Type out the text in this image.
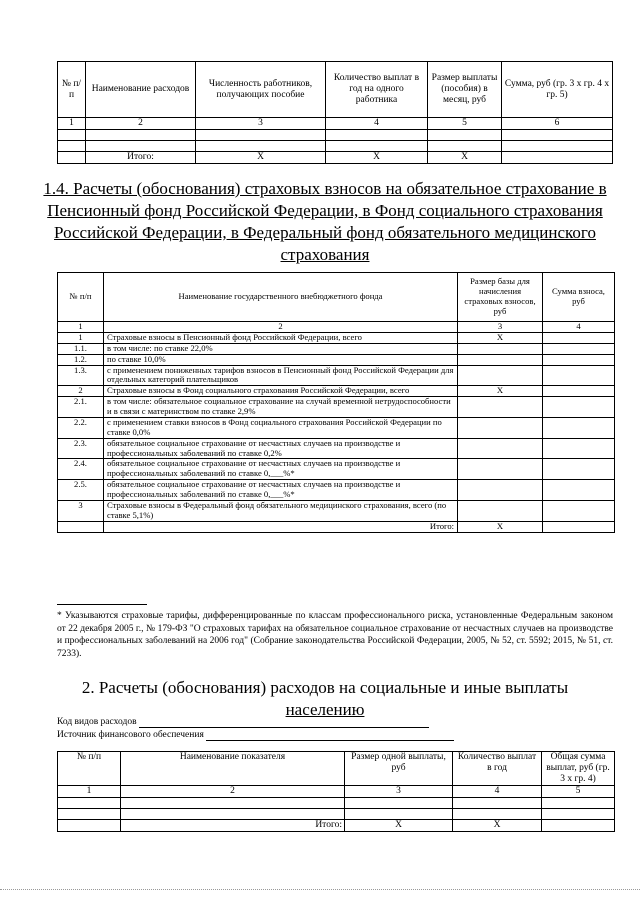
№ п/п	Наименование расходов	Численность работников, получающих пособие	Количество выплат в год на одного работника	Размер выплаты (пособия) в месяц, руб	Сумма, руб (гр. 3 х гр. 4 х гр. 5)
1	2	3	4	5	6

	Итого:	X	X	X	
1.4. Расчеты (обоснования) страховых взносов на обязательное страхование в Пенсионный фонд Российской Федерации, в Фонд социального страхования Российской Федерации, в Федеральный фонд обязательного медицинского страхования
№ п/п	Наименование государственного внебюджетного фонда	Размер базы для начисления страховых взносов, руб	Сумма взноса, руб
1	2	3	4
1	Страховые взносы в Пенсионный фонд Российской Федерации, всего	X	
1.1.	в том числе: по ставке 22,0%		
1.2.	по ставке 10,0%		
1.3.	с применением пониженных тарифов взносов в Пенсионный фонд Российской Федерации для отдельных категорий плательщиков		
2	Страховые взносы в Фонд социального страхования Российской Федерации, всего	X	
2.1.	в том числе: обязательное социальное страхование на случай временной нетрудоспособности и в связи с материнством по ставке 2,9%		
2.2.	с применением ставки взносов в Фонд социального страхования Российской Федерации по ставке 0,0%		
2.3.	обязательное социальное страхование от несчастных случаев на производстве и профессиональных заболеваний по ставке 0,2%		
2.4.	обязательное социальное страхование от несчастных случаев на производстве и профессиональных заболеваний по ставке 0,___%*		
2.5.	обязательное социальное страхование от несчастных случаев на производстве и профессиональных заболеваний по ставке 0,___%*		
3	Страховые взносы в Федеральный фонд обязательного медицинского страхования, всего (по ставке 5,1%)		
	Итого:	X	

* Указываются страховые тарифы, дифференцированные по классам профессионального риска, установленные Федеральным законом от 22 декабря 2005 г., № 179-ФЗ "О страховых тарифах на обязательное социальное страхование от несчастных случаев на производстве и профессиональных заболеваний на 2006 год" (Собрание законодательства Российской Федерации, 2005, № 52, ст. 5592; 2015, № 51, ст. 7233).

2. Расчеты (обоснования) расходов на социальные и иные выплаты
населению
Код видов расходов
Источник финансового обеспечения
№ п/п	Наименование показателя	Размер одной выплаты, руб	Количество выплат в год	Общая сумма выплат, руб (гр. 3 х гр. 4)
1	2	3	4	5

	Итого:	X	X	
